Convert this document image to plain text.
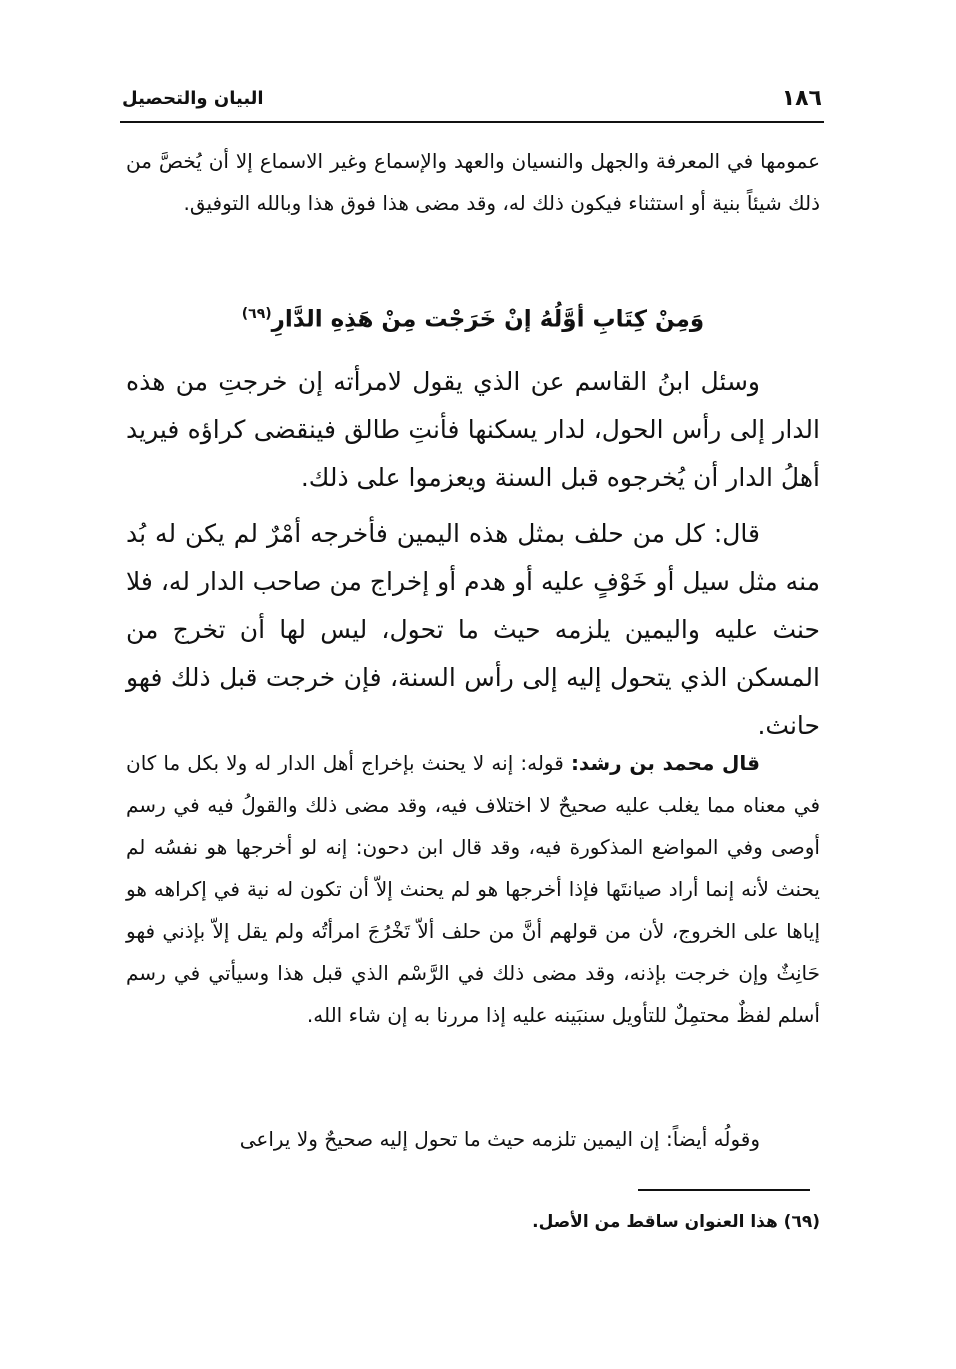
١٨٦
البيان والتحصيل

عمومها في المعرفة والجهل والنسيان والعهد والإسماع وغير الاسماع إلا أن يُخصَّ من ذلك شيئاً بنية أو استثناء فيكون ذلك له، وقد مضى هذا فوق هذا وبالله التوفيق.

وَمِنْ كِتَابِ أوَّلُهُ إنْ خَرَجْت مِنْ هَذِهِ الدَّارِ$^{(٦٩)}$

وسئل ابنُ القاسم عن الذي يقول لامرأته إن خرجتِ من هذه الدار إلى رأس الحول، لدار يسكنها فأنتِ طالق فينقضى كراؤه فيريد أهلُ الدار أن يُخرجوه قبل السنة ويعزموا على ذلك.

قال: كل من حلف بمثل هذه اليمين فأخرجه أمْرٌ لم يكن له بُد منه مثل سيل أو خَوْفٍ عليه أو هدم أو إخراج من صاحب الدار له، فلا حنث عليه واليمين يلزمه حيث ما تحول، ليس لها أن تخرج من المسكن الذي يتحول إليه إلى رأس السنة، فإن خرجت قبل ذلك فهو حانث.

قال محمد بن رشد: قوله: إنه لا يحنث بإخراج أهل الدار له ولا بكل ما كان في معناه مما يغلب عليه صحيحٌ لا اختلاف فيه، وقد مضى ذلك والقولُ فيه في رسم أوصى وفي المواضع المذكورة فيه، وقد قال ابن دحون: إنه لو أخرجها هو نفسُه لم يحنث لأنه إنما أراد صيانتَها فإذا أخرجها هو لم يحنث إلاّ أن تكون له نية في إكراهه هو إياها على الخروج، لأن من قولهم أنَّ من حلف ألاّ تَخْرُجَ امرأتُه ولم يقل إلاّ بإذني فهو حَانِثٌ وإن خرجت بإذنه، وقد مضى ذلك في الرَّسْم الذي قبل هذا وسيأتي في رسم أسلم لفظٌ محتمِلٌ للتأويل سنبَينه عليه إذا مررنا به إن شاء الله.

وقولُه أيضاً: إن اليمين تلزمه حيث ما تحول إليه صحيحٌ ولا يراعى

(٦٩) هذا العنوان ساقط من الأصل.
